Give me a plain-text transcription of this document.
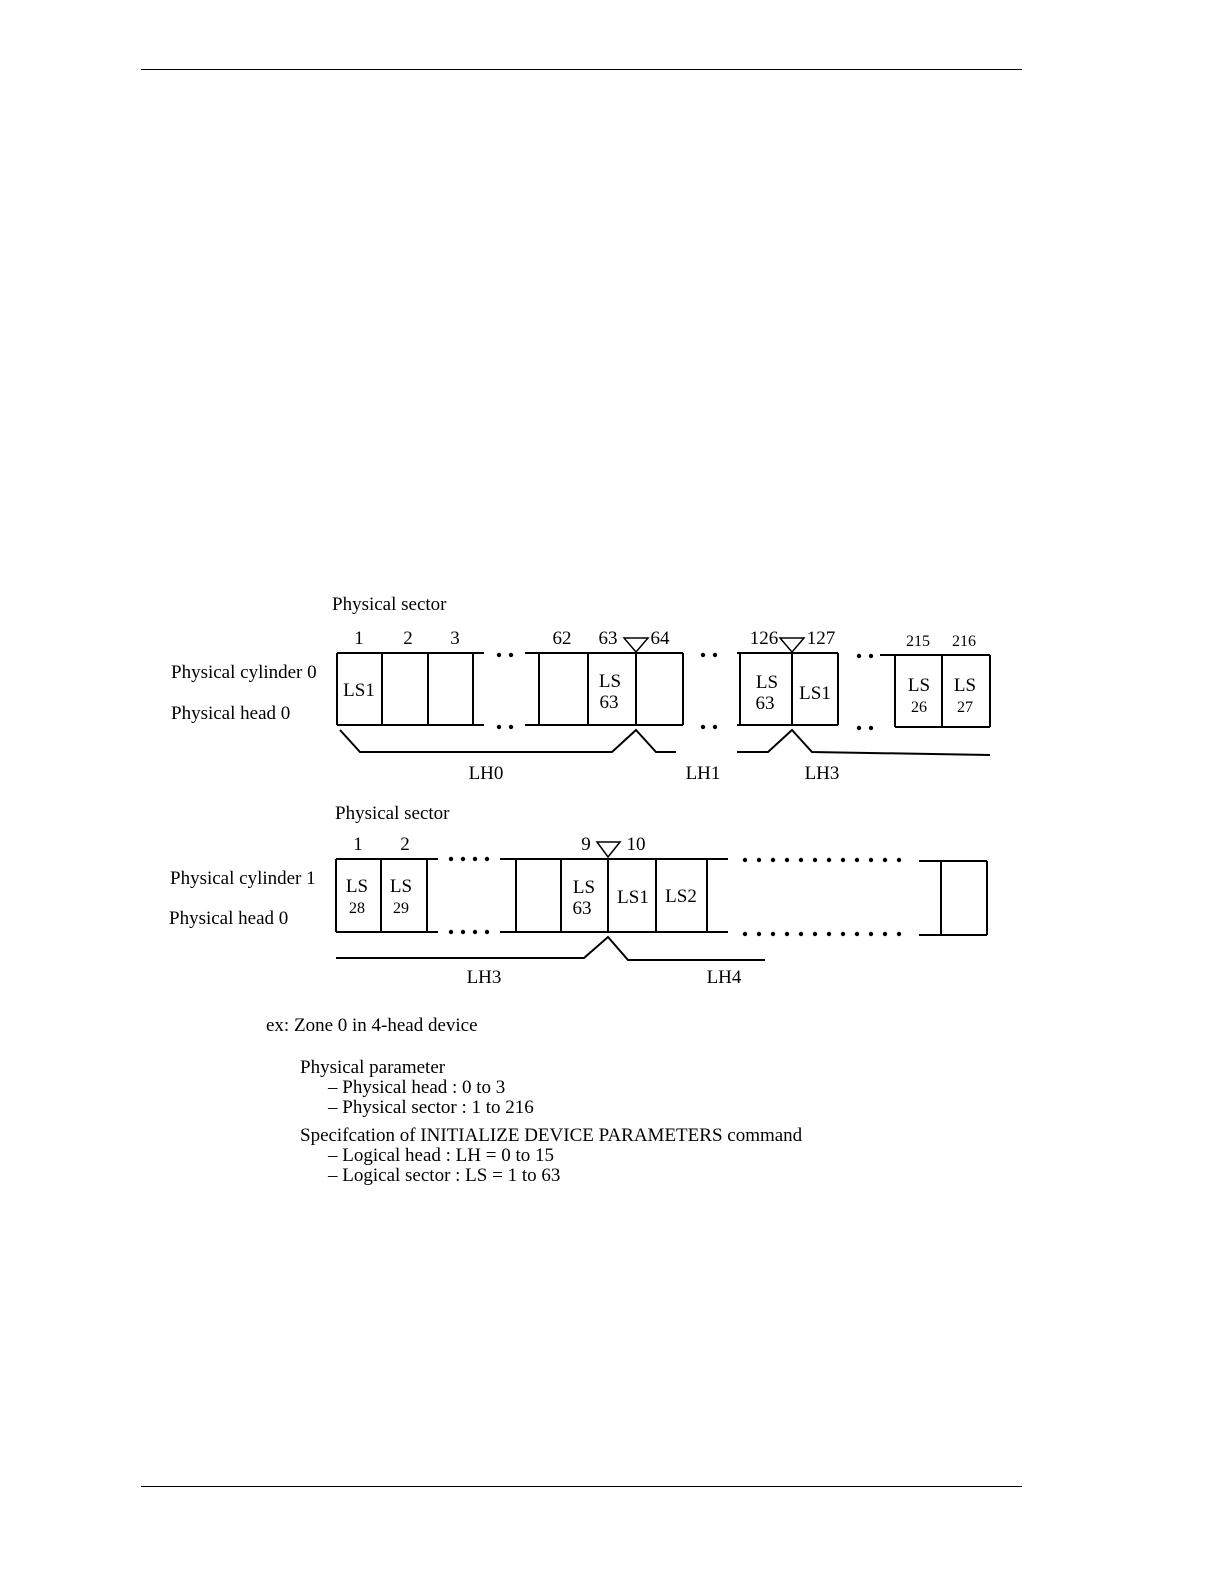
Physical sector
Physical cylinder 0
Physical head 0
1 2 3	62 63 64	126 127	215 216
LS1	LS
63
LS
63 LS1	LS
26
LS
27
LH0	LH1	LH3
Physical sector
Physical cylinder 1
Physical head 0
1 2	9 10
LS
28
LS
29
LS
63
LS1 LS2
LH3	LH4
ex: Zone 0 in 4-head device
Physical parameter
– Physical head : 0 to 3
– Physical sector : 1 to 216
Specifcation of INITIALIZE DEVICE PARAMETERS command
– Logical head : LH = 0 to 15
– Logical sector : LS = 1 to 63
